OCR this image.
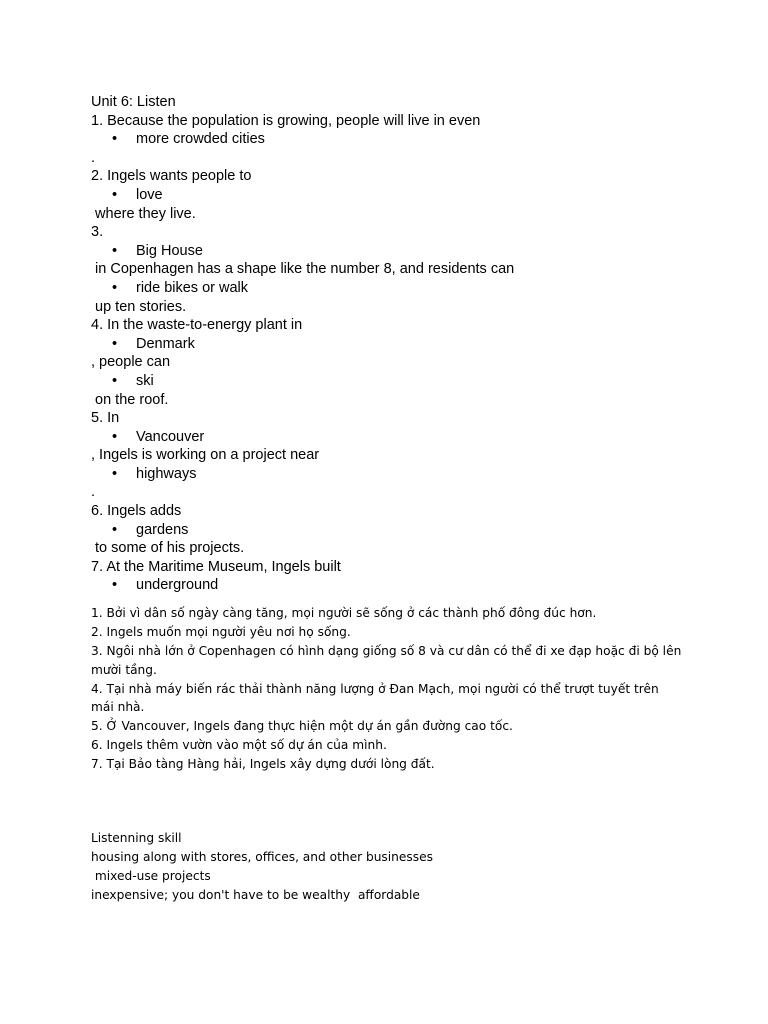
Unit 6: Listen
1. Because the population is growing, people will live in even
• more crowded cities
.
2. Ingels wants people to
• love
where they live.
3.
• Big House
in Copenhagen has a shape like the number 8, and residents can
• ride bikes or walk
up ten stories.
4. In the waste-to-energy plant in
• Denmark
, people can
• ski
on the roof.
5. In
• Vancouver
, Ingels is working on a project near
• highways
.
6. Ingels adds
• gardens
to some of his projects.
7. At the Maritime Museum, Ingels built
• underground
1. Bởi vì dân số ngày càng tăng, mọi người sẽ sống ở các thành phố đông đúc hơn.
2. Ingels muốn mọi người yêu nơi họ sống.
3. Ngôi nhà lớn ở Copenhagen có hình dạng giống số 8 và cư dân có thể đi xe đạp hoặc đi bộ lên
mười tầng.
4. Tại nhà máy biến rác thải thành năng lượng ở Đan Mạch, mọi người có thể trượt tuyết trên
mái nhà.
5. Ở Vancouver, Ingels đang thực hiện một dự án gần đường cao tốc.
6. Ingels thêm vườn vào một số dự án của mình.
7. Tại Bảo tàng Hàng hải, Ingels xây dựng dưới lòng đất.
Listenning skill
housing along with stores, offices, and other businesses
mixed-use projects
inexpensive; you don't have to be wealthy  affordable
